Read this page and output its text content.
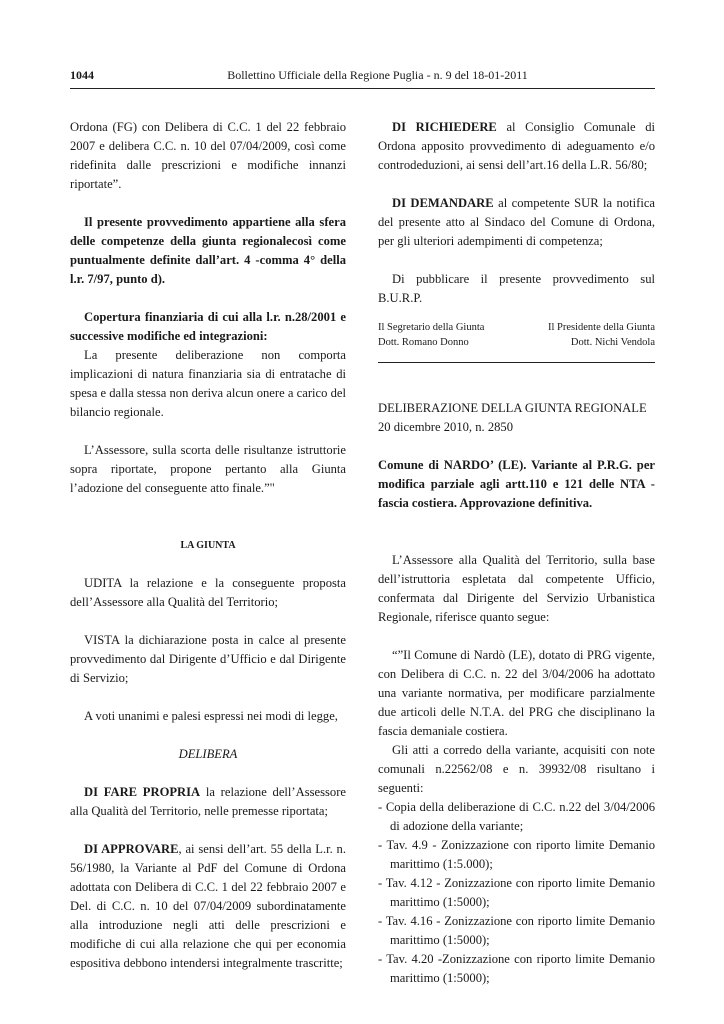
1044	Bollettino Ufficiale della Regione Puglia - n. 9 del 18-01-2011

Ordona (FG) con Delibera di C.C. 1 del 22 febbraio 2007 e delibera C.C. n. 10 del 07/04/2009, così come ridefinita dalle prescrizioni e modifiche innanzi riportate”.

Il presente provvedimento appartiene alla sfera delle competenze della giunta regionalecosì come puntualmente definite dall’art. 4 -comma 4° della l.r. 7/97, punto d).

Copertura finanziaria di cui alla l.r. n.28/2001 e successive modifiche ed integrazioni:

La presente deliberazione non comporta implicazioni di natura finanziaria sia di entratache di spesa e dalla stessa non deriva alcun onere a carico del bilancio regionale.

L’Assessore, sulla scorta delle risultanze istruttorie sopra riportate, propone pertanto alla Giunta l’adozione del conseguente atto finale.”"

LA GIUNTA

UDITA la relazione e la conseguente proposta dell’Assessore alla Qualità del Territorio;

VISTA la dichiarazione posta in calce al presente provvedimento dal Dirigente d’Ufficio e dal Dirigente di Servizio;

A voti unanimi e palesi espressi nei modi di legge,

DELIBERA

DI FARE PROPRIA la relazione dell’Assessore alla Qualità del Territorio, nelle premesse riportata;

DI APPROVARE, ai sensi dell’art. 55 della L.r. n. 56/1980, la Variante al PdF del Comune di Ordona adottata con Delibera di C.C. 1 del 22 febbraio 2007 e Del. di C.C. n. 10 del 07/04/2009 subordinatamente alla introduzione negli atti delle prescrizioni e modifiche di cui alla relazione che qui per economia espositiva debbono intendersi integralmente trascritte;

DI RICHIEDERE al Consiglio Comunale di Ordona apposito provvedimento di adeguamento e/o controdeduzioni, ai sensi dell’art.16 della L.R. 56/80;

DI DEMANDARE al competente SUR la notifica del presente atto al Sindaco del Comune di Ordona, per gli ulteriori adempimenti di competenza;

Di pubblicare il presente provvedimento sul B.U.R.P.

Il Segretario della Giunta
Dott. Romano Donno
Il Presidente della Giunta
Dott. Nichi Vendola

DELIBERAZIONE DELLA GIUNTA REGIONALE 20 dicembre 2010, n. 2850

Comune di NARDO’ (LE). Variante al P.R.G. per modifica parziale agli artt.110 e 121 delle NTA - fascia costiera. Approvazione definitiva.

L’Assessore alla Qualità del Territorio, sulla base dell’istruttoria espletata dal competente Ufficio, confermata dal Dirigente del Servizio Urbanistica Regionale, riferisce quanto segue:

“”Il Comune di Nardò (LE), dotato di PRG vigente, con Delibera di C.C. n. 22 del 3/04/2006 ha adottato una variante normativa, per modificare parzialmente due articoli delle N.T.A. del PRG che disciplinano la fascia demaniale costiera.

Gli atti a corredo della variante, acquisiti con note comunali n.22562/08 e n. 39932/08 risultano i seguenti:

- Copia della deliberazione di C.C. n.22 del 3/04/2006 di adozione della variante;

- Tav. 4.9 - Zonizzazione con riporto limite Demanio marittimo (1:5.000);

- Tav. 4.12 - Zonizzazione con riporto limite Demanio marittimo (1:5000);

- Tav. 4.16 - Zonizzazione con riporto limite Demanio marittimo (1:5000);

- Tav. 4.20 -Zonizzazione con riporto limite Demanio marittimo (1:5000);
